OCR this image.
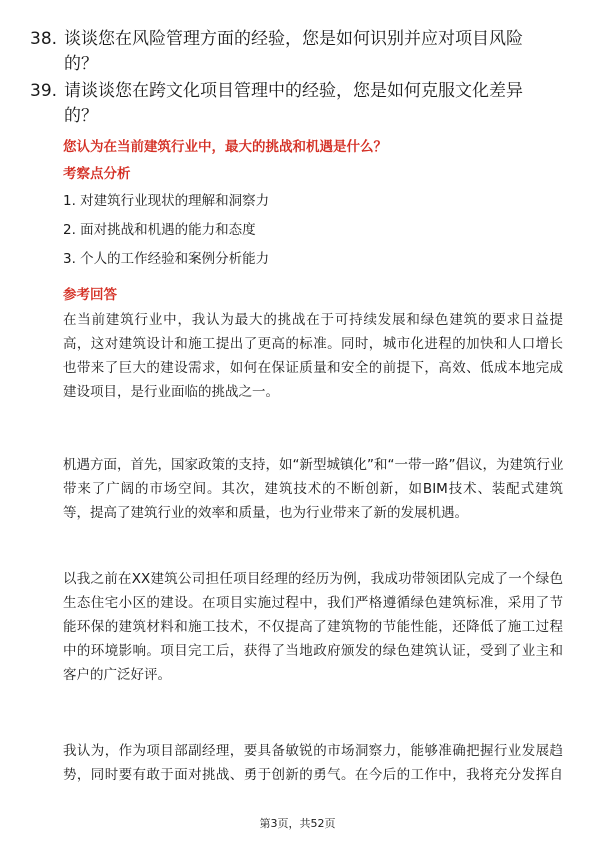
38. 谈谈您在风险管理方面的经验，您是如何识别并应对项目风险
的？
39. 请谈谈您在跨文化项目管理中的经验，您是如何克服文化差异
的？
您认为在当前建筑行业中，最大的挑战和机遇是什么？
考察点分析
1. 对建筑行业现状的理解和洞察力
2. 面对挑战和机遇的能力和态度
3. 个人的工作经验和案例分析能力
参考回答
在当前建筑行业中，我认为最大的挑战在于可持续发展和绿色建筑的要求日益提
高，这对建筑设计和施工提出了更高的标准。同时，城市化进程的加快和人口增长
也带来了巨大的建设需求，如何在保证质量和安全的前提下，高效、低成本地完成
建设项目，是行业面临的挑战之一。
机遇方面，首先，国家政策的支持，如“新型城镇化”和“一带一路”倡议，为建筑行业
带来了广阔的市场空间。其次，建筑技术的不断创新，如BIM技术、装配式建筑
等，提高了建筑行业的效率和质量，也为行业带来了新的发展机遇。
以我之前在XX建筑公司担任项目经理的经历为例，我成功带领团队完成了一个绿色
生态住宅小区的建设。在项目实施过程中，我们严格遵循绿色建筑标准，采用了节
能环保的建筑材料和施工技术，不仅提高了建筑物的节能性能，还降低了施工过程
中的环境影响。项目完工后，获得了当地政府颁发的绿色建筑认证，受到了业主和
客户的广泛好评。
我认为，作为项目部副经理，要具备敏锐的市场洞察力，能够准确把握行业发展趋
势，同时要有敢于面对挑战、勇于创新的勇气。在今后的工作中，我将充分发挥自
第3页，共52页
